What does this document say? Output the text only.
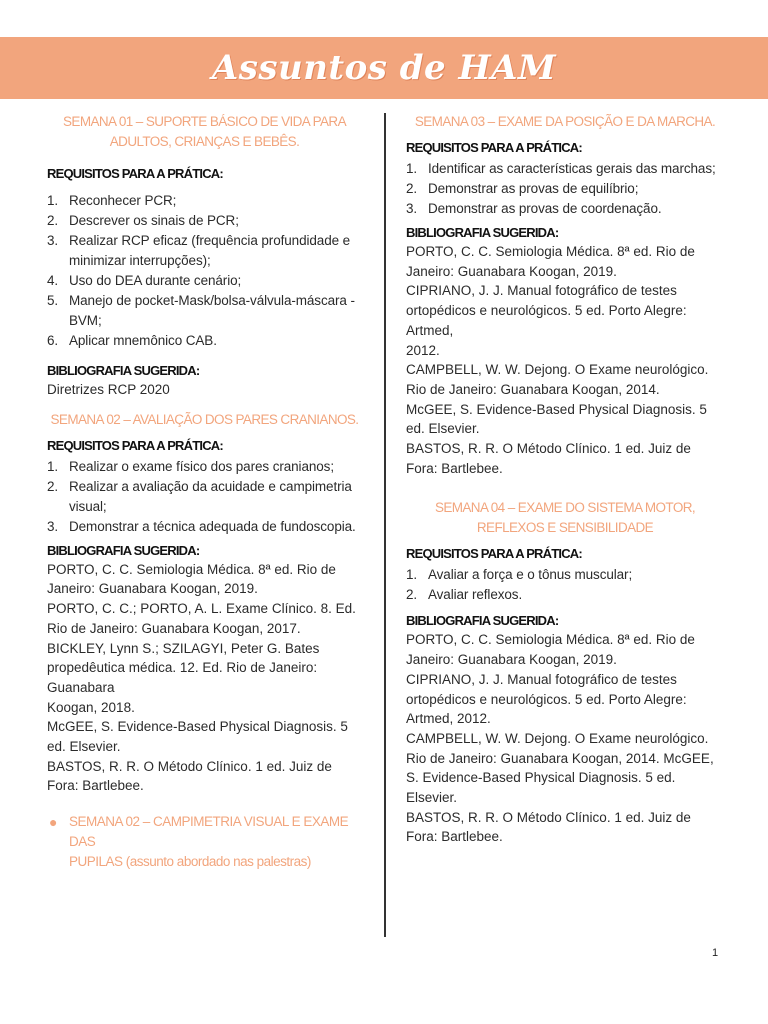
Assuntos de HAM
SEMANA 01 – SUPORTE BÁSICO DE VIDA PARA
ADULTOS, CRIANÇAS E BEBÊS.
REQUISITOS PARA A PRÁTICA:
1. Reconhecer PCR;
2. Descrever os sinais de PCR;
3. Realizar RCP eficaz (frequência profundidade e minimizar interrupções);
4. Uso do DEA durante cenário;
5. Manejo de pocket-Mask/bolsa-válvula-máscara - BVM;
6. Aplicar mnemônico CAB.
BIBLIOGRAFIA SUGERIDA:
Diretrizes RCP 2020
SEMANA 02 – AVALIAÇÃO DOS PARES CRANIANOS.
REQUISITOS PARA A PRÁTICA:
1. Realizar o exame físico dos pares cranianos;
2. Realizar a avaliação da acuidade e campimetria visual;
3. Demonstrar a técnica adequada de fundoscopia.
BIBLIOGRAFIA SUGERIDA:
PORTO, C. C. Semiologia Médica. 8ª ed. Rio de Janeiro: Guanabara Koogan, 2019.
PORTO, C. C.; PORTO, A. L. Exame Clínico. 8. Ed. Rio de Janeiro: Guanabara Koogan, 2017.
BICKLEY, Lynn S.; SZILAGYI, Peter G. Bates propedêutica médica. 12. Ed. Rio de Janeiro: Guanabara
Koogan, 2018.
McGEE, S. Evidence-Based Physical Diagnosis. 5 ed. Elsevier.
BASTOS, R. R. O Método Clínico. 1 ed. Juiz de Fora: Bartlebee.
● SEMANA 02 – CAMPIMETRIA VISUAL E EXAME DAS
PUPILAS (assunto abordado nas palestras)
SEMANA 03 – EXAME DA POSIÇÃO E DA MARCHA.
REQUISITOS PARA A PRÁTICA:
1. Identificar as características gerais das marchas;
2. Demonstrar as provas de equilíbrio;
3. Demonstrar as provas de coordenação.
BIBLIOGRAFIA SUGERIDA:
PORTO, C. C. Semiologia Médica. 8ª ed. Rio de Janeiro: Guanabara Koogan, 2019.
CIPRIANO, J. J. Manual fotográfico de testes ortopédicos e neurológicos. 5 ed. Porto Alegre: Artmed,
2012.
CAMPBELL, W. W. Dejong. O Exame neurológico. Rio de Janeiro: Guanabara Koogan, 2014.
McGEE, S. Evidence-Based Physical Diagnosis. 5 ed. Elsevier.
BASTOS, R. R. O Método Clínico. 1 ed. Juiz de Fora: Bartlebee.
SEMANA 04 – EXAME DO SISTEMA MOTOR,
REFLEXOS E SENSIBILIDADE
REQUISITOS PARA A PRÁTICA:
1. Avaliar a força e o tônus muscular;
2. Avaliar reflexos.
BIBLIOGRAFIA SUGERIDA:
PORTO, C. C. Semiologia Médica. 8ª ed. Rio de Janeiro: Guanabara Koogan, 2019.
CIPRIANO, J. J. Manual fotográfico de testes ortopédicos e neurológicos. 5 ed. Porto Alegre: Artmed, 2012.
CAMPBELL, W. W. Dejong. O Exame neurológico. Rio de Janeiro: Guanabara Koogan, 2014. McGEE, S. Evidence-Based Physical Diagnosis. 5 ed. Elsevier.
BASTOS, R. R. O Método Clínico. 1 ed. Juiz de Fora: Bartlebee.
1
